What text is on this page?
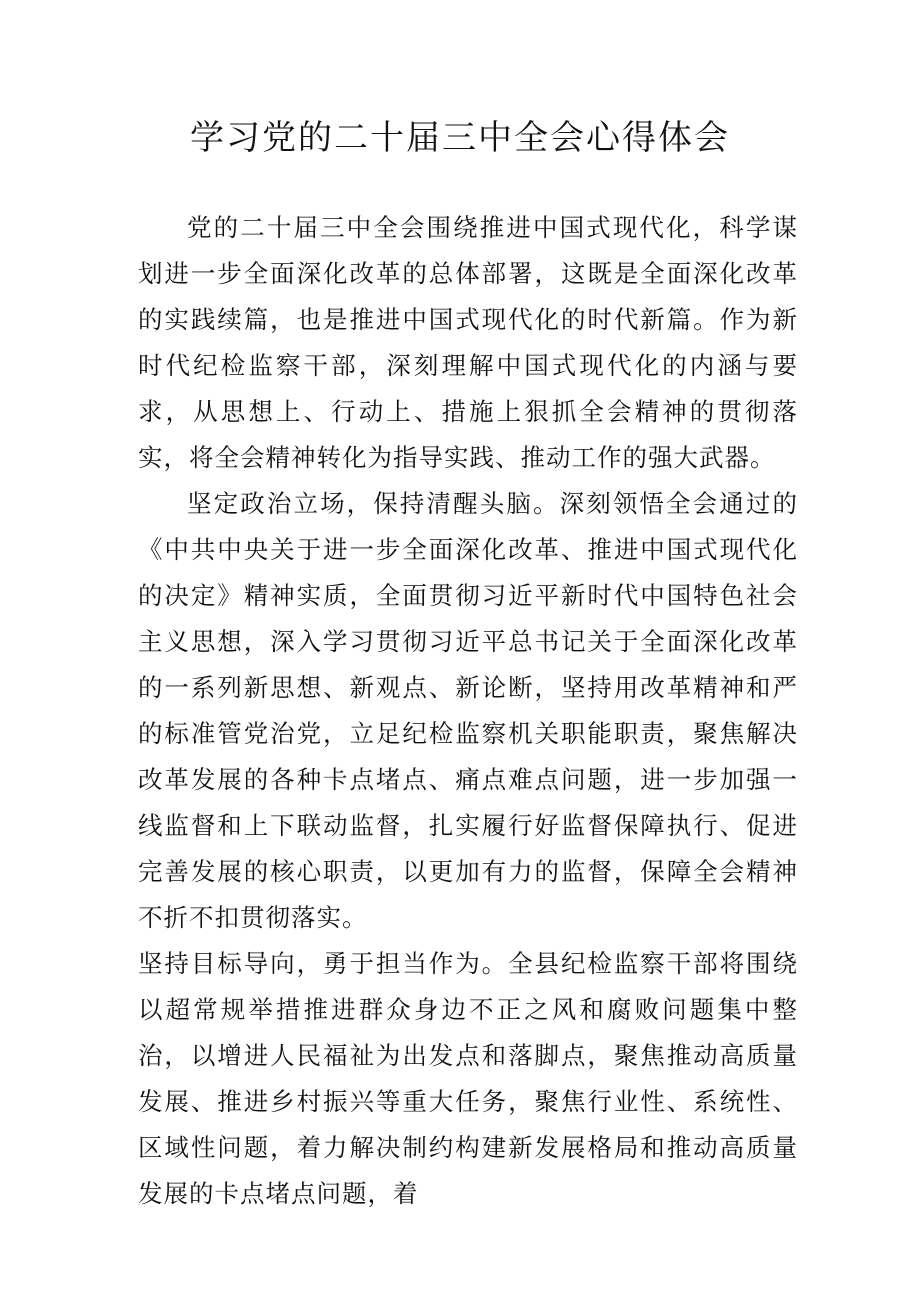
学习党的二十届三中全会心得体会

党的二十届三中全会围绕推进中国式现代化，科学谋划进一步全面深化改革的总体部署，这既是全面深化改革的实践续篇，也是推进中国式现代化的时代新篇。作为新时代纪检监察干部，深刻理解中国式现代化的内涵与要求，从思想上、行动上、措施上狠抓全会精神的贯彻落实，将全会精神转化为指导实践、推动工作的强大武器。

坚定政治立场，保持清醒头脑。深刻领悟全会通过的《中共中央关于进一步全面深化改革、推进中国式现代化的决定》精神实质，全面贯彻习近平新时代中国特色社会主义思想，深入学习贯彻习近平总书记关于全面深化改革的一系列新思想、新观点、新论断，坚持用改革精神和严的标准管党治党，立足纪检监察机关职能职责，聚焦解决改革发展的各种卡点堵点、痛点难点问题，进一步加强一线监督和上下联动监督，扎实履行好监督保障执行、促进完善发展的核心职责，以更加有力的监督，保障全会精神不折不扣贯彻落实。

坚持目标导向，勇于担当作为。全县纪检监察干部将围绕以超常规举措推进群众身边不正之风和腐败问题集中整治，以增进人民福祉为出发点和落脚点，聚焦推动高质量发展、推进乡村振兴等重大任务，聚焦行业性、系统性、区域性问题，着力解决制约构建新发展格局和推动高质量发展的卡点堵点问题，着
